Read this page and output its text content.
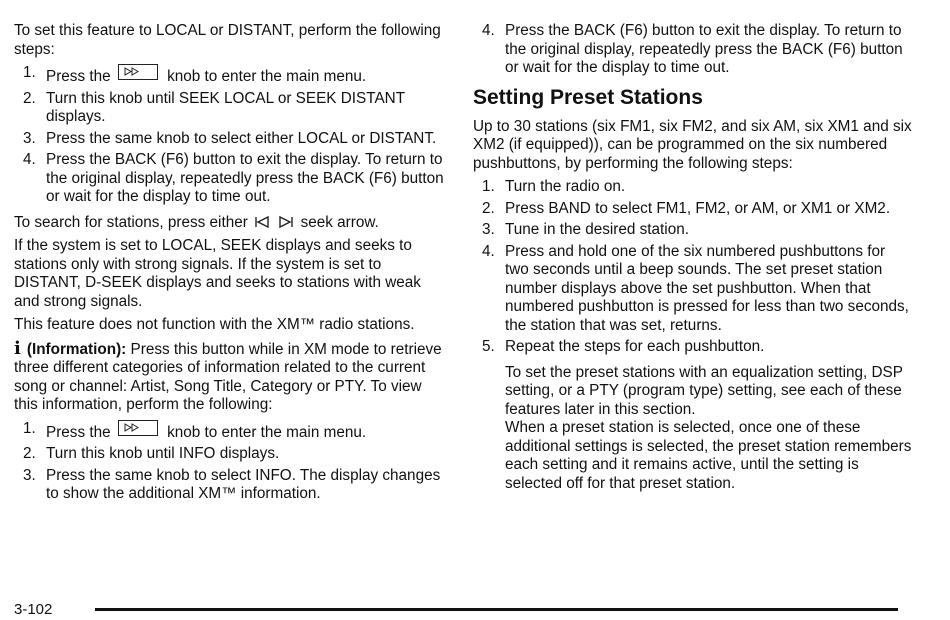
To set this feature to LOCAL or DISTANT, perform the following steps:

1. Press the	knob to enter the main menu.
2. Turn this knob until SEEK LOCAL or SEEK DISTANT displays.
3. Press the same knob to select either LOCAL or DISTANT.
4. Press the BACK (F6) button to exit the display. To return to the original display, repeatedly press the BACK (F6) button or wait for the display to time out.

To search for stations, press either	seek arrow.

If the system is set to LOCAL, SEEK displays and seeks to stations only with strong signals. If the system is set to DISTANT, D-SEEK displays and seeks to stations with weak and strong signals.

This feature does not function with the XM™ radio stations.

i (Information): Press this button while in XM mode to retrieve three different categories of information related to the current song or channel: Artist, Song Title, Category or PTY. To view this information, perform the following:

1. Press the	knob to enter the main menu.
2. Turn this knob until INFO displays.
3. Press the same knob to select INFO. The display changes to show the additional XM™ information.
4. Press the BACK (F6) button to exit the display. To return to the original display, repeatedly press the BACK (F6) button or wait for the display to time out.
Setting Preset Stations

Up to 30 stations (six FM1, six FM2, and six AM, six XM1 and six XM2 (if equipped)), can be programmed on the six numbered pushbuttons, by performing the following steps:

1. Turn the radio on.
2. Press BAND to select FM1, FM2, or AM, or XM1 or XM2.
3. Tune in the desired station.
4. Press and hold one of the six numbered pushbuttons for two seconds until a beep sounds. The set preset station number displays above the set pushbutton. When that numbered pushbutton is pressed for less than two seconds, the station that was set, returns.
5. Repeat the steps for each pushbutton.

To set the preset stations with an equalization setting, DSP setting, or a PTY (program type) setting, see each of these features later in this section.

When a preset station is selected, once one of these additional settings is selected, the preset station remembers each setting and it remains active, until the setting is selected off for that preset station.

3-102
